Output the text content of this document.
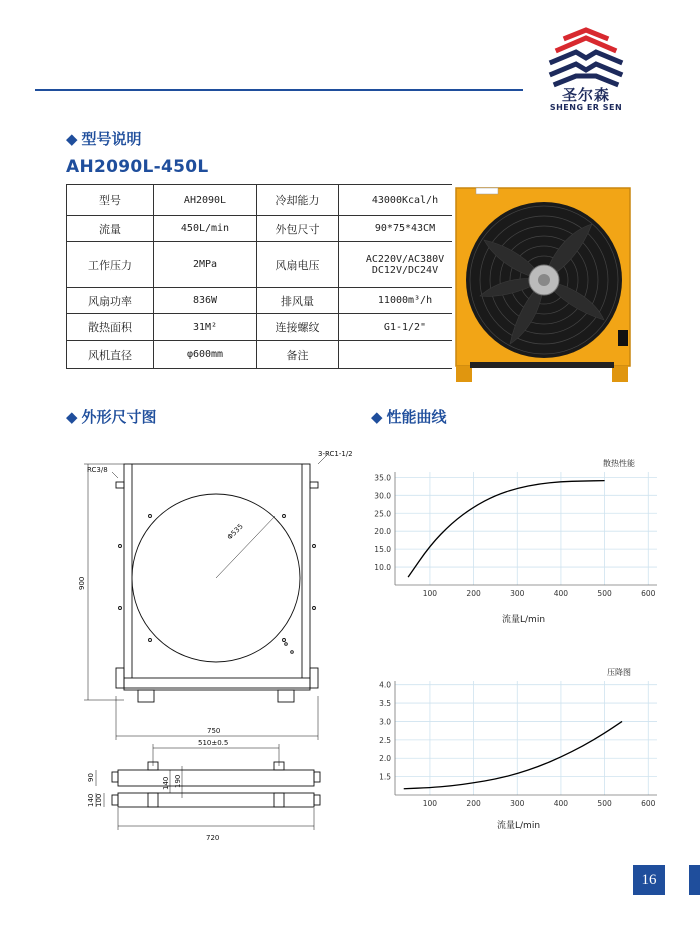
圣尔森
SHENG ER SEN
◆ 型号说明
AH2090L-450L
型号	AH2090L	冷却能力	43000Kcal/h
流量	450L/min	外包尺寸	90*75*43CM
工作压力	2MPa	风扇电压	AC220V/AC380V
DC12V/DC24V
风扇功率	836W	排风量	11000m³/h
散热面积	31M²	连接螺纹	G1-1/2"
风机直径	φ600mm	备注	
◆ 外形尺寸图	◆ 性能曲线
3-RC1-1/2
RC3/8
Φ535
900
750
510±0.5
90	140 190
140 100
720
100	200	300	400	500	600
10.0
15.0
20.0
25.0
30.0
35.0
散热性能
流量L/min
100	200	300	400	500	600
1.5
2.0
2.5
3.0
3.5
4.0
压降图
流量L/min
16
